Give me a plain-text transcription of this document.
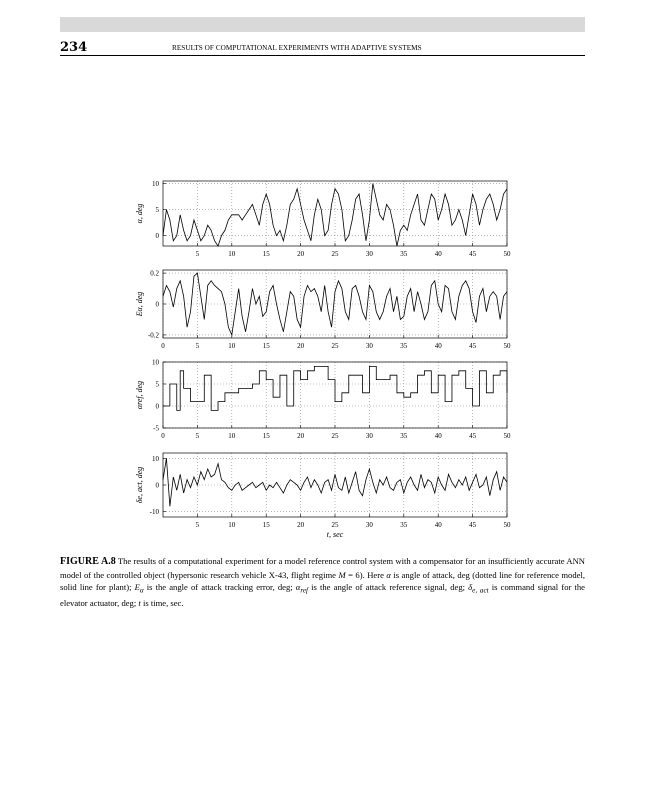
234	RESULTS OF COMPUTATIONAL EXPERIMENTS WITH ADAPTIVE SYSTEMS
5	10	15	20	25	30	35	40	45	50
10
5
0
α, deg
0	5	10	15	20	25	30	35	40	45	50
0.2
0
-0.2
Eα, deg
0	5	10	15	20	25	30	35	40	45	50
10
5
0
-5
αref, deg
5	10	15	20	25	30	35	40	45	50
10
0
-10
δe, act, deg
t, sec
FIGURE A.8 The results of a computational experiment for a model reference control system with a compensator for an insufficiently accurate ANN model of the controlled object (hypersonic research vehicle X-43, flight regime M = 6). Here α is angle of attack, deg (dotted line for reference model, solid line for plant); $E_\alpha$ is the angle of attack tracking error, deg; $\alpha_{ref}$ is the angle of attack reference signal, deg; $\delta_{e, act}$ is command signal for the elevator actuator, deg; t is time, sec.
